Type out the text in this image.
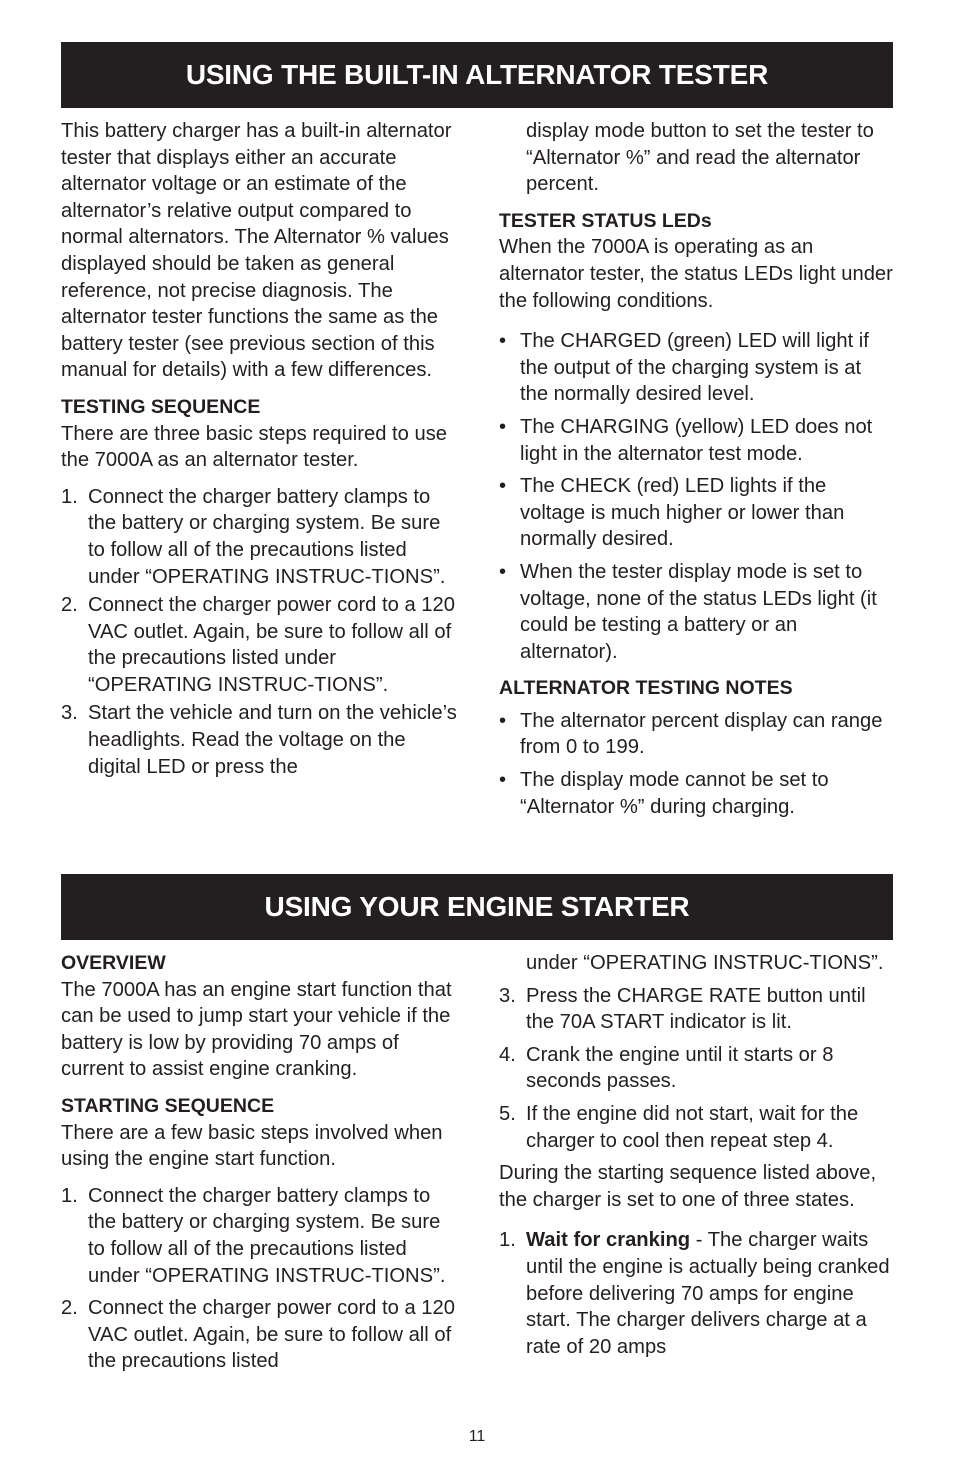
USING THE BUILT-IN ALTERNATOR TESTER

This battery charger has a built-in alternator tester that displays either an accurate alternator voltage or an estimate of the alternator’s relative output compared to normal alternators. The Alternator % values displayed should be taken as general reference, not precise diagnosis. The alternator tester functions the same as the battery tester (see previous section of this manual for details) with a few differences.

TESTING SEQUENCE

There are three basic steps required to use the 7000A as an alternator tester.

1. Connect the charger battery clamps to the battery or charging system. Be sure to follow all of the precautions listed under “OPERATING INSTRUC-TIONS”.
2. Connect the charger power cord to a 120 VAC outlet. Again, be sure to follow all of the precautions listed under “OPERATING INSTRUC-TIONS”.
3. Start the vehicle and turn on the vehicle’s headlights. Read the voltage on the digital LED or press the

display mode button to set the tester to “Alternator %” and read the alternator percent.

TESTER STATUS LEDs

When the 7000A is operating as an alternator tester, the status LEDs light under the following conditions.

• The CHARGED (green) LED will light if the output of the charging system is at the normally desired level.
• The CHARGING (yellow) LED does not light in the alternator test mode.
• The CHECK (red) LED lights if the voltage is much higher or lower than normally desired.
• When the tester display mode is set to voltage, none of the status LEDs light (it could be testing a battery or an alternator).

ALTERNATOR TESTING NOTES

• The alternator percent display can range from 0 to 199.
• The display mode cannot be set to “Alternator %” during charging.
USING YOUR ENGINE STARTER

OVERVIEW

The 7000A has an engine start function that can be used to jump start your vehicle if the battery is low by providing 70 amps of current to assist engine cranking.

STARTING SEQUENCE

There are a few basic steps involved when using the engine start function.

1. Connect the charger battery clamps to the battery or charging system. Be sure to follow all of the precautions listed under “OPERATING INSTRUC-TIONS”.
2. Connect the charger power cord to a 120 VAC outlet. Again, be sure to follow all of the precautions listed

under “OPERATING INSTRUC-TIONS”.

3. Press the CHARGE RATE button until the 70A START indicator is lit.
4. Crank the engine until it starts or 8 seconds passes.
5. If the engine did not start, wait for the charger to cool then repeat step 4.

During the starting sequence listed above, the charger is set to one of three states.

1. Wait for cranking - The charger waits until the engine is actually being cranked before delivering 70 amps for engine start. The charger delivers charge at a rate of 20 amps
11
